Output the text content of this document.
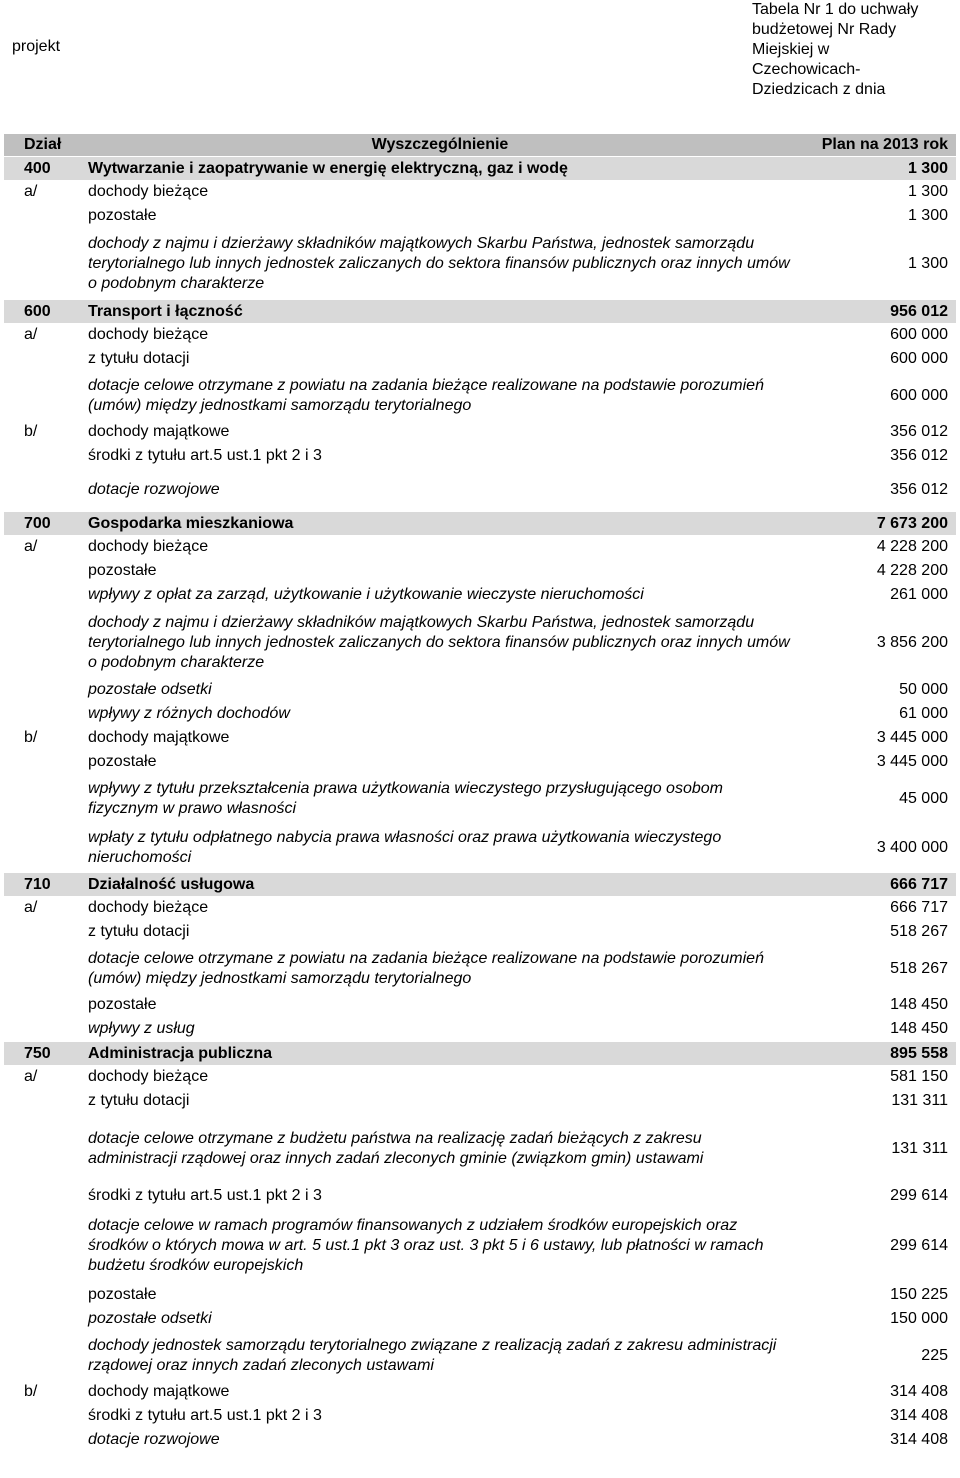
projekt
Tabela Nr 1 do uchwały
budżetowej Nr Rady
Miejskiej w
Czechowicach-
Dziedzicach z dnia
Dział	Wyszczególnienie	Plan na 2013 rok
400	Wytwarzanie i zaopatrywanie w energię elektryczną, gaz i wodę	1 300
a/	dochody bieżące	1 300
	pozostałe	1 300
	dochody z najmu i dzierżawy składników majątkowych Skarbu Państwa, jednostek samorządu terytorialnego lub innych jednostek zaliczanych do sektora finansów publicznych oraz innych umów o podobnym charakterze	1 300
600	Transport i łączność	956 012
a/	dochody bieżące	600 000
	z tytułu dotacji	600 000
	dotacje celowe otrzymane z powiatu na zadania bieżące realizowane na podstawie porozumień (umów) między jednostkami samorządu terytorialnego	600 000
b/	dochody majątkowe	356 012
	środki z tytułu art.5 ust.1 pkt 2 i 3	356 012
	dotacje rozwojowe	356 012
700	Gospodarka mieszkaniowa	7 673 200
a/	dochody bieżące	4 228 200
	pozostałe	4 228 200
	wpływy z opłat za zarząd, użytkowanie i użytkowanie wieczyste nieruchomości	261 000
	dochody z najmu i dzierżawy składników majątkowych Skarbu Państwa, jednostek samorządu terytorialnego lub innych jednostek zaliczanych do sektora finansów publicznych oraz innych umów o podobnym charakterze	3 856 200
	pozostałe odsetki	50 000
	wpływy z różnych dochodów	61 000
b/	dochody majątkowe	3 445 000
	pozostałe	3 445 000
	wpływy z tytułu przekształcenia prawa użytkowania wieczystego przysługującego osobom fizycznym w prawo własności	45 000
	wpłaty z tytułu odpłatnego nabycia prawa własności oraz prawa użytkowania wieczystego nieruchomości	3 400 000
710	Działalność usługowa	666 717
a/	dochody bieżące	666 717
	z tytułu dotacji	518 267
	dotacje celowe otrzymane z powiatu na zadania bieżące realizowane na podstawie porozumień (umów) między jednostkami samorządu terytorialnego	518 267
	pozostałe	148 450
	wpływy z usług	148 450
750	Administracja publiczna	895 558
a/	dochody bieżące	581 150
	z tytułu dotacji	131 311
	dotacje celowe otrzymane z budżetu państwa na realizację zadań bieżących z zakresu administracji rządowej oraz innych zadań zleconych gminie (związkom gmin) ustawami	131 311
	środki z tytułu art.5 ust.1 pkt 2 i 3	299 614
	dotacje celowe w ramach programów finansowanych z udziałem środków europejskich oraz środków o których mowa w art. 5 ust.1 pkt 3 oraz ust. 3 pkt 5 i 6 ustawy, lub płatności w ramach budżetu środków europejskich	299 614
	pozostałe	150 225
	pozostałe odsetki	150 000
	dochody jednostek samorządu terytorialnego związane z realizacją zadań z zakresu administracji rządowej oraz innych zadań zleconych ustawami	225
b/	dochody majątkowe	314 408
	środki z tytułu art.5 ust.1 pkt 2 i 3	314 408
	dotacje rozwojowe	314 408
